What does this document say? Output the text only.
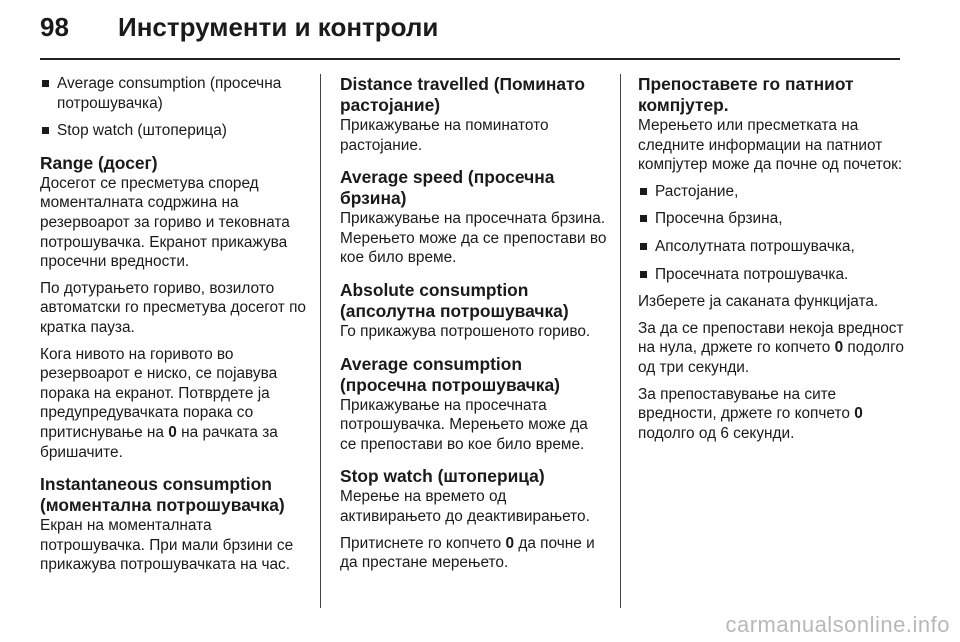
98 Инструменти и контроли
Average consumption (просечна потрошувачка)
Stop watch (штоперица)
Range (досег)
Досегот се пресметува според моменталната содржина на резервоарот за гориво и тековната потрошувачка. Екранот прикажува просечни вредности.
По дотурањето гориво, возилото автоматски го пресметува досегот по кратка пауза.
Кога нивото на горивото во резервоарот е ниско, се појавува порака на екранот. Потврдете ја предупредувачката порака со притиснување на 0 на рачката за бришачите.
Instantaneous consumption (моментална потрошувачка)
Екран на моменталната потрошувачка. При мали брзини се прикажува потрошувачката на час.
Distance travelled (Поминато растојание)
Прикажување на поминатото растојание.
Average speed (просечна брзина)
Прикажување на просечната брзина. Мерењето може да се препостави во кое било време.
Absolute consumption (апсолутна потрошувачка)
Го прикажува потрошеното гориво.
Average consumption (просечна потрошувачка)
Прикажување на просечната потрошувачка. Мерењето може да се препостави во кое било време.
Stop watch (штоперица)
Мерење на времето од активирањето до деактивирањето.
Притиснете го копчето 0 да почне и да престане мерењето.
Препоставете го патниот компјутер.
Мерењето или пресметката на следните информации на патниот компјутер може да почне од почеток:
Растојание,
Просечна брзина,
Апсолутната потрошувачка,
Просечната потрошувачка.
Изберете ја саканата функцијата.
За да се препостави некоја вредност на нула, држете го копчето 0 подолго од три секунди.
За препоставување на сите вредности, држете го копчето 0 подолго од 6 секунди.
carmanualsonline.info
